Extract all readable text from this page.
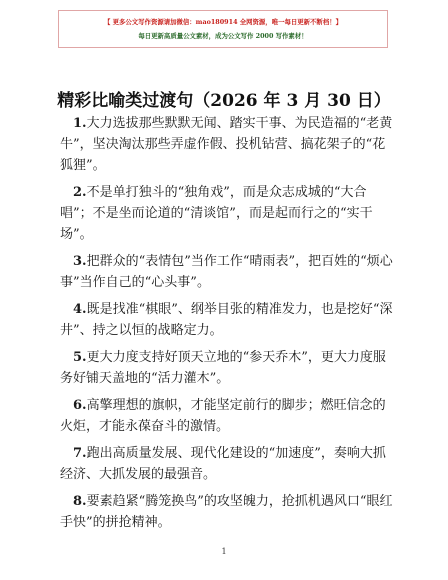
【 更多公文写作资源请加微信：mao180914 全网资源，唯一每日更新不断档！】
每日更新高质量公文素材，成为公文写作 2000 写作素材！
精彩比喻类过渡句（2026 年 3 月 30 日）

1.大力选拔那些默默无闻、踏实干事、为民造福的“老黄牛”，坚决淘汰那些弄虚作假、投机钻营、搞花架子的“花狐狸”。

2.不是单打独斗的“独角戏”，而是众志成城的“大合唱”；不是坐而论道的“清谈馆”，而是起而行之的“实干场”。

3.把群众的“表情包”当作工作“晴雨表”，把百姓的“烦心事”当作自己的“心头事”。

4.既是找准“棋眼”、纲举目张的精准发力，也是挖好“深井”、持之以恒的战略定力。

5.更大力度支持好顶天立地的“参天乔木”，更大力度服务好铺天盖地的“活力灌木”。

6.高擎理想的旗帜，才能坚定前行的脚步；燃旺信念的火炬，才能永葆奋斗的激情。

7.跑出高质量发展、现代化建设的“加速度”，奏响大抓经济、大抓发展的最强音。

8.要素趋紧“腾笼换鸟”的攻坚魄力，抢抓机遇风口“眼红手快”的拼抢精神。

1
